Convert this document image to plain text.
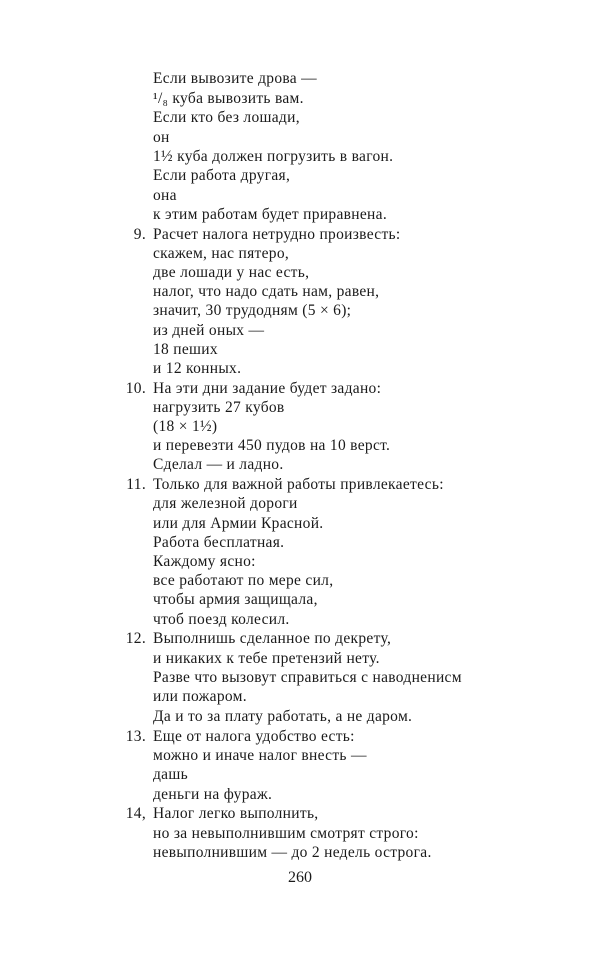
Если вывозите дрова —
¹/₈ куба вывозить вам.
Если кто без лошади,
он
1½ куба должен погрузить в вагон.
Если работа другая,
она
к этим работам будет приравнена.
9. Расчет налога нетрудно произвесть:
скажем, нас пятеро,
две лошади у нас есть,
налог, что надо сдать нам, равен,
значит, 30 трудодням (5 × 6);
из дней оных —
18 пеших
и 12 конных.
10. На эти дни задание будет задано:
нагрузить 27 кубов
(18 × 1½)
и перевезти 450 пудов на 10 верст.
Сделал — и ладно.
11. Только для важной работы привлекаетесь:
для железной дороги
или для Армии Красной.
Работа бесплатная.
Каждому ясно:
все работают по мере сил,
чтобы армия защищала,
чтоб поезд колесил.
12. Выполнишь сделанное по декрету,
и никаких к тебе претензий нету.
Разве что вызовут справиться с наводненисм
или пожаром.
Да и то за плату работать, а не даром.
13. Еще от налога удобство есть:
можно и иначе налог внесть —
дашь
деньги на фураж.
14, Налог легко выполнить,
но за невыполнившим смотрят строго:
невыполнившим — до 2 недель острога.
260
